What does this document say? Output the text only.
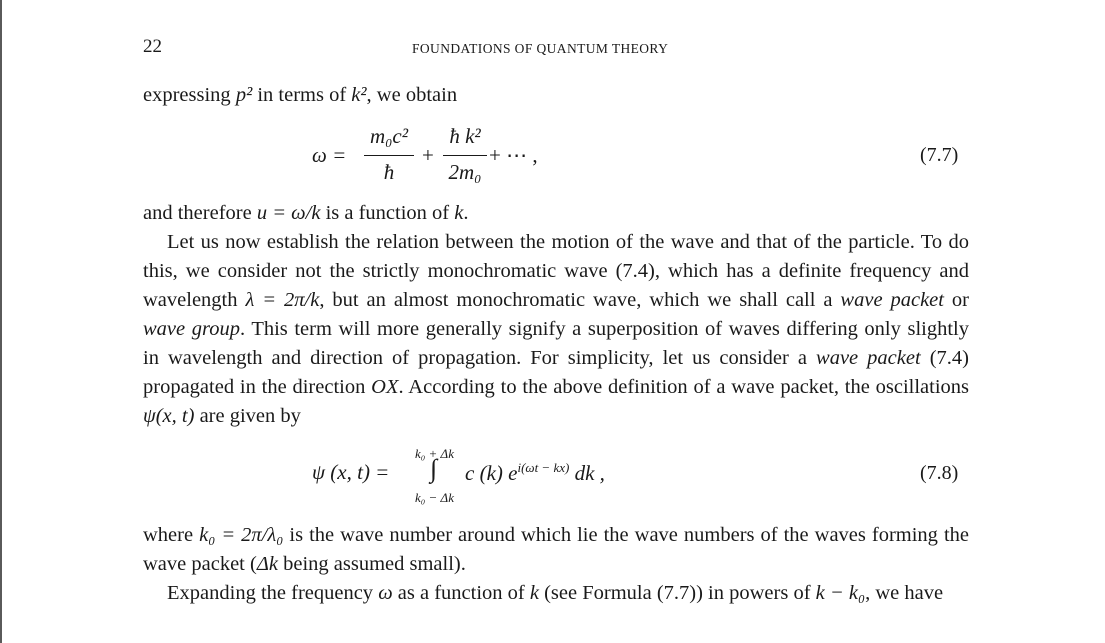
22	FOUNDATIONS OF QUANTUM THEORY
expressing p² in terms of k², we obtain
ω =
m₀c²
ħ
+
ħ k²
2m₀
+ ⋯ ,	(7.7)
and therefore u = ω/k is a function of k.
Let us now establish the relation between the motion of the wave and that of the particle. To do this, we consider not the strictly monochromatic wave (7.4), which has a definite frequency and wavelength λ = 2π/k, but an almost monochromatic wave, which we shall call a wave packet or wave group. This term will more generally signify a superposition of waves differing only slightly in wavelength and direction of propagation. For simplicity, let us consider a wave packet (7.4) propagated in the direction OX. According to the above definition of a wave packet, the oscillations ψ(x, t) are given by
ψ (x, t) =
k₀ + Δk
∫
k₀ − Δk
c (k) $e^{i(\omega t - kx)}$ dk ,	(7.8)
where k₀ = 2π/λ₀ is the wave number around which lie the wave numbers of the waves forming the wave packet (Δk being assumed small).
Expanding the frequency ω as a function of k (see Formula (7.7)) in powers of k − k₀, we have
